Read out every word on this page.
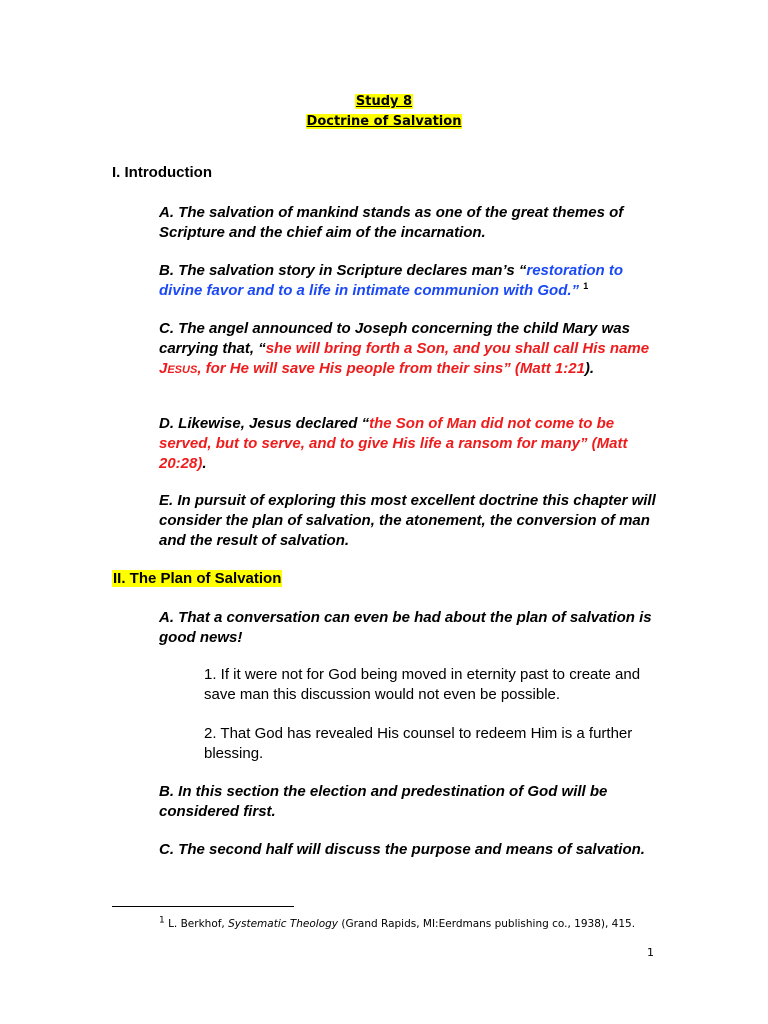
Study 8
Doctrine of Salvation
I. Introduction
A. The salvation of mankind stands as one of the great themes of Scripture and the chief aim of the incarnation.
B. The salvation story in Scripture declares man’s “restoration to divine favor and to a life in intimate communion with God.” $^1$
C. The angel announced to Joseph concerning the child Mary was carrying that, “she will bring forth a Son, and you shall call His name JESUS, for He will save His people from their sins” (Matt 1:21).
D. Likewise, Jesus declared “the Son of Man did not come to be served, but to serve, and to give His life a ransom for many” (Matt 20:28).
E. In pursuit of exploring this most excellent doctrine this chapter will consider the plan of salvation, the atonement, the conversion of man and the result of salvation.
II. The Plan of Salvation
A. That a conversation can even be had about the plan of salvation is good news!
1. If it were not for God being moved in eternity past to create and save man this discussion would not even be possible.
2. That God has revealed His counsel to redeem Him is a further blessing.
B. In this section the election and predestination of God will be considered first.
C. The second half will discuss the purpose and means of salvation.
1 L. Berkhof, Systematic Theology (Grand Rapids, MI:Eerdmans publishing co., 1938), 415.
1
